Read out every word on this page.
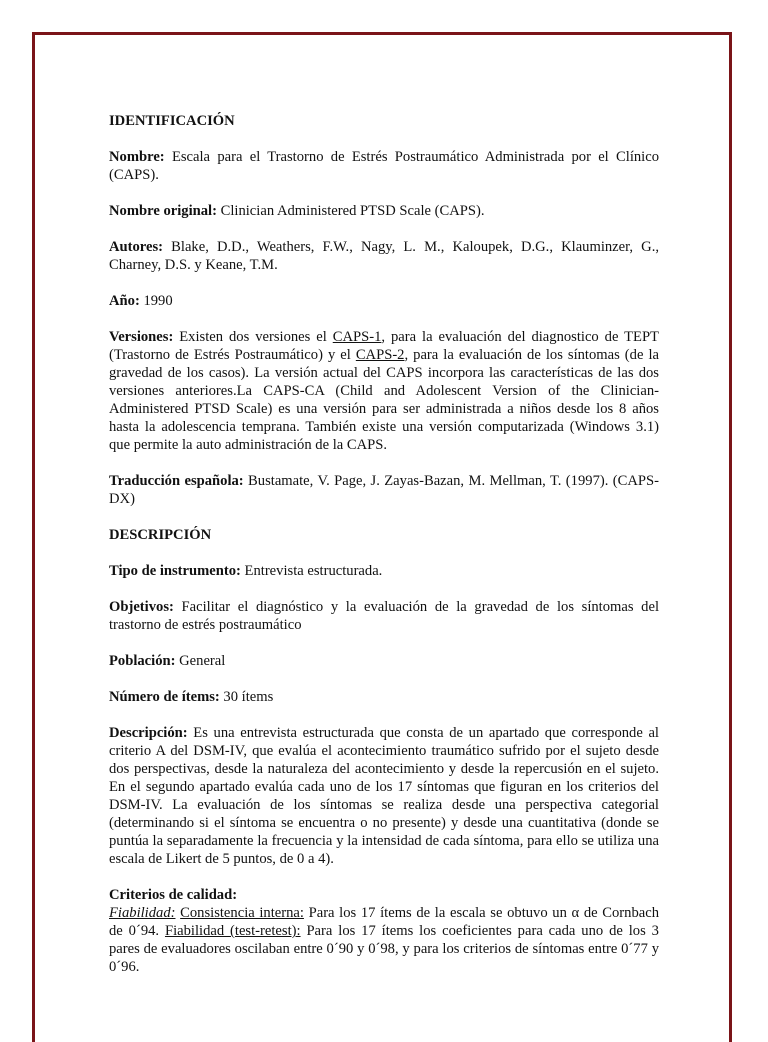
IDENTIFICACIÓN

Nombre: Escala para el Trastorno de Estrés Postraumático Administrada por el Clínico (CAPS).

Nombre original: Clinician Administered PTSD Scale (CAPS).

Autores: Blake, D.D., Weathers, F.W., Nagy, L. M., Kaloupek, D.G., Klauminzer, G., Charney, D.S. y Keane, T.M.

Año: 1990

Versiones: Existen dos versiones el CAPS-1, para la evaluación del diagnostico de TEPT (Trastorno de Estrés Postraumático) y el CAPS-2, para la evaluación de los síntomas (de la gravedad de los casos). La versión actual del CAPS incorpora las características de las dos versiones anteriores.La CAPS-CA (Child and Adolescent Version of the Clinician-Administered PTSD Scale) es una versión para ser administrada a niños desde los 8 años hasta la adolescencia temprana. También existe una versión computarizada (Windows 3.1) que permite la auto administración de la CAPS.

Traducción española: Bustamate, V. Page, J. Zayas-Bazan, M. Mellman, T. (1997). (CAPS-DX)

DESCRIPCIÓN

Tipo de instrumento: Entrevista estructurada.

Objetivos: Facilitar el diagnóstico y la evaluación de la gravedad de los síntomas del trastorno de estrés postraumático

Población: General

Número de ítems: 30 ítems

Descripción: Es una entrevista estructurada que consta de un apartado que corresponde al criterio A del DSM-IV, que evalúa el acontecimiento traumático sufrido por el sujeto desde dos perspectivas, desde la naturaleza del acontecimiento y desde la repercusión en el sujeto. En el segundo apartado evalúa cada uno de los 17 síntomas que figuran en los criterios del DSM-IV. La evaluación de los síntomas se realiza desde una perspectiva categorial (determinando si el síntoma se encuentra o no presente) y desde una cuantitativa (donde se puntúa la separadamente la frecuencia y la intensidad de cada síntoma, para ello se utiliza una escala de Likert de 5 puntos, de 0 a 4).

Criterios de calidad:

Fiabilidad: Consistencia interna: Para los 17 ítems de la escala se obtuvo un α de Cornbach de 0´94. Fiabilidad (test-retest): Para los 17 ítems los coeficientes para cada uno de los 3 pares de evaluadores oscilaban entre 0´90 y 0´98, y para los criterios de síntomas entre 0´77 y 0´96.
